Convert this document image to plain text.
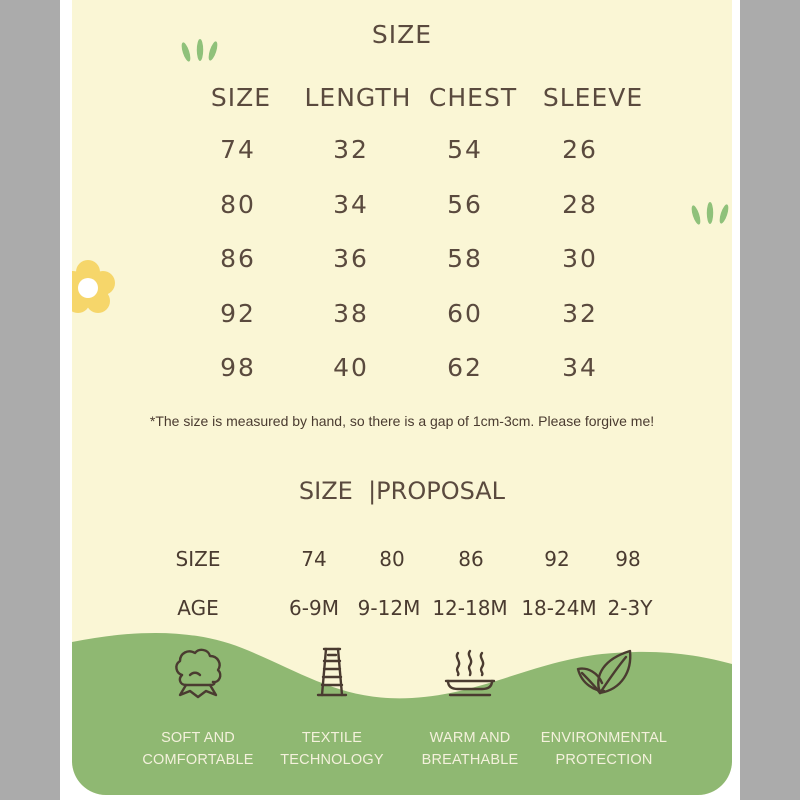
SIZE
SIZE LENGTH CHEST SLEEVE
74	32	54	26
80	34	56	28
86	36	58	30
92	38	60	32
98	40	62	34
*The size is measured by hand, so there is a gap of 1cm-3cm. Please forgive me!
SIZE  |PROPOSAL
SIZE	74	80	86	92 98
AGE	6-9M 9-12M 12-18M 18-24M 2-3Y
SOFT AND
COMFORTABLE
TEXTILE
TECHNOLOGY
WARM AND
BREATHABLE
ENVIRONMENTAL
PROTECTION
